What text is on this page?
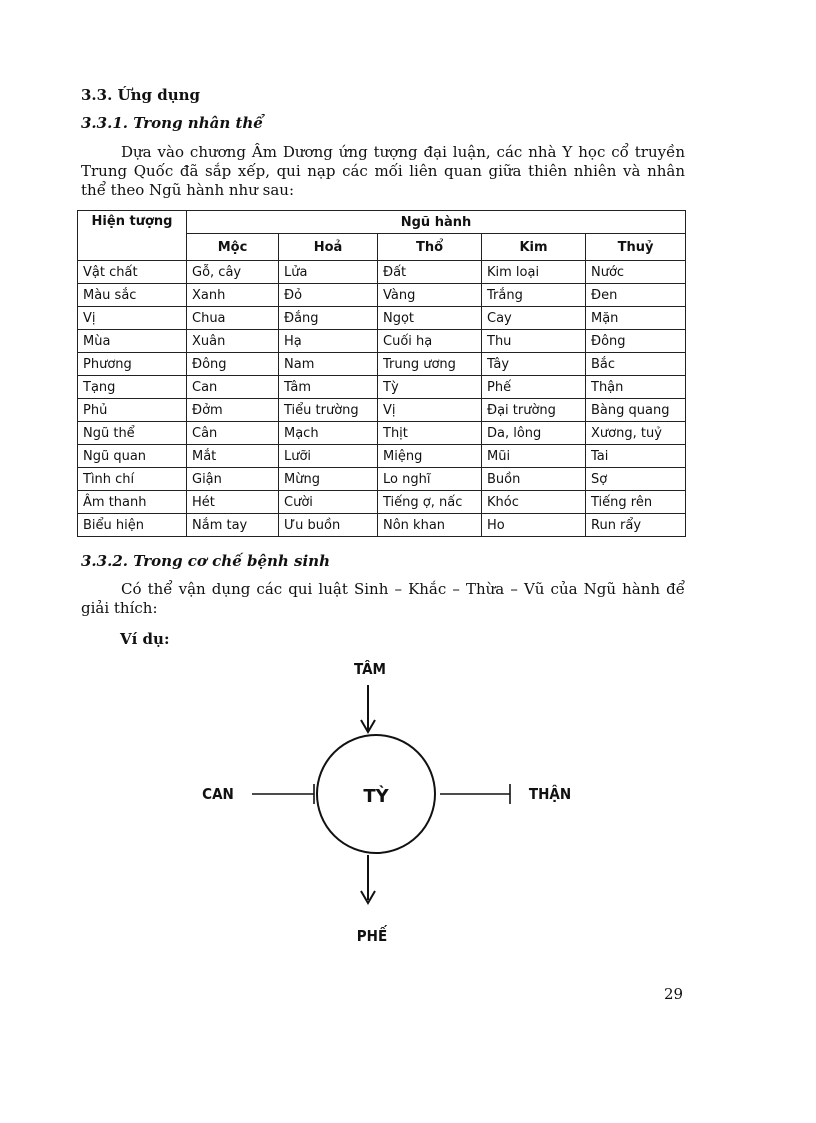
3.3. Ứng dụng
3.3.1. Trong nhân thể
Dựa vào chương Âm Dương ứng tượng đại luận, các nhà Y học cổ truyền Trung Quốc đã sắp xếp, qui nạp các mối liên quan giữa thiên nhiên và nhân thể theo Ngũ hành như sau:
Hiện tượng	Ngũ hành				
	Mộc	Hoả	Thổ	Kim	Thuỷ
Vật chất	Gỗ, cây	Lửa	Đất	Kim loại	Nước
Màu sắc	Xanh	Đỏ	Vàng	Trắng	Đen
Vị	Chua	Đắng	Ngọt	Cay	Mặn
Mùa	Xuân	Hạ	Cuối hạ	Thu	Đông
Phương	Đông	Nam	Trung ương	Tây	Bắc
Tạng	Can	Tâm	Tỳ	Phế	Thận
Phủ	Đởm	Tiểu trường	Vị	Đại trường	Bàng quang
Ngũ thể	Cân	Mạch	Thịt	Da, lông	Xương, tuỷ
Ngũ quan	Mắt	Lưỡi	Miệng	Mũi	Tai
Tình chí	Giận	Mừng	Lo nghĩ	Buồn	Sợ
Âm thanh	Hét	Cười	Tiếng ợ, nấc	Khóc	Tiếng rên
Biểu hiện	Nắm tay	Ưu buồn	Nôn khan	Ho	Run rẩy
3.3.2. Trong cơ chế bệnh sinh
Có thể vận dụng các qui luật Sinh – Khắc – Thừa – Vũ của Ngũ hành để giải thích:
Ví dụ:
TỲ
TÂM
CAN	THẬN
PHẾ
29
